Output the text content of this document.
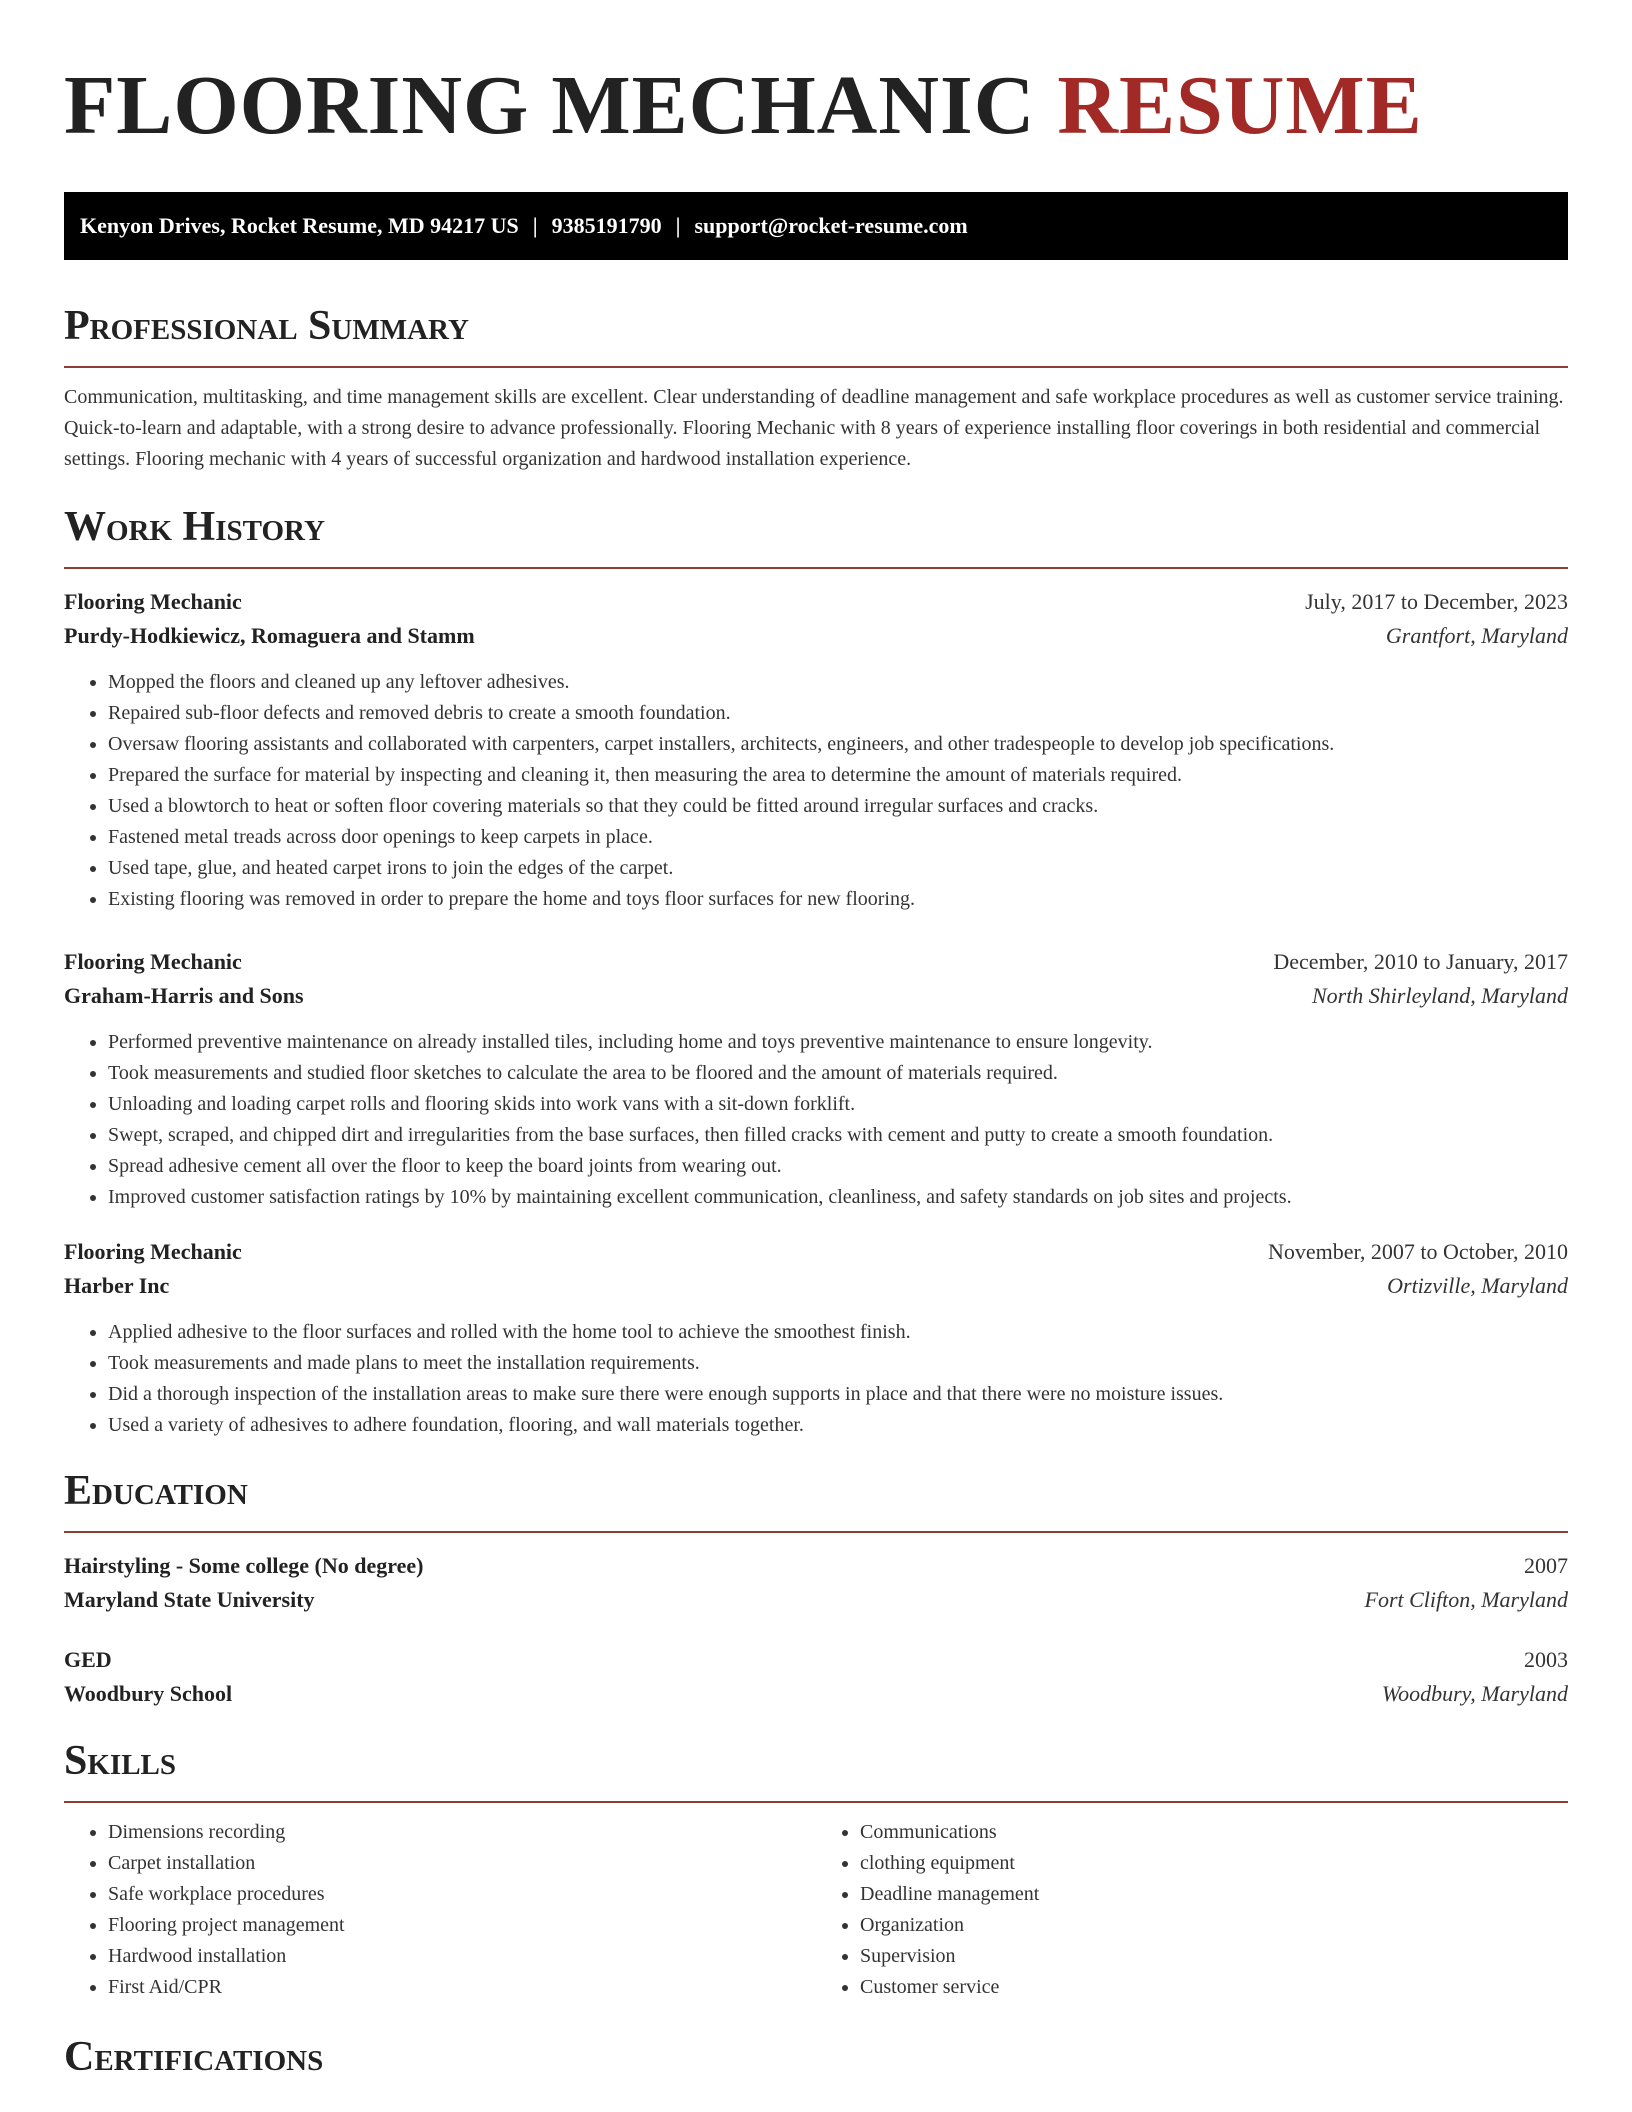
FLOORING MECHANIC RESUME
Kenyon Drives, Rocket Resume, MD 94217 US | 9385191790 | support@rocket-resume.com
Professional Summary

Communication, multitasking, and time management skills are excellent. Clear understanding of deadline management and safe workplace procedures as well as customer service training. Quick-to-learn and adaptable, with a strong desire to advance professionally. Flooring Mechanic with 8 years of experience installing floor coverings in both residential and commercial settings. Flooring mechanic with 4 years of successful organization and hardwood installation experience.

Work History
Flooring Mechanic	July, 2017 to December, 2023
Purdy-Hodkiewicz, Romaguera and Stamm	Grantfort, Maryland
• Mopped the floors and cleaned up any leftover adhesives.
• Repaired sub-floor defects and removed debris to create a smooth foundation.
• Oversaw flooring assistants and collaborated with carpenters, carpet installers, architects, engineers, and other tradespeople to develop job specifications.
• Prepared the surface for material by inspecting and cleaning it, then measuring the area to determine the amount of materials required.
• Used a blowtorch to heat or soften floor covering materials so that they could be fitted around irregular surfaces and cracks.
• Fastened metal treads across door openings to keep carpets in place.
• Used tape, glue, and heated carpet irons to join the edges of the carpet.
• Existing flooring was removed in order to prepare the home and toys floor surfaces for new flooring.
Flooring Mechanic	December, 2010 to January, 2017
Graham-Harris and Sons	North Shirleyland, Maryland
• Performed preventive maintenance on already installed tiles, including home and toys preventive maintenance to ensure longevity.
• Took measurements and studied floor sketches to calculate the area to be floored and the amount of materials required.
• Unloading and loading carpet rolls and flooring skids into work vans with a sit-down forklift.
• Swept, scraped, and chipped dirt and irregularities from the base surfaces, then filled cracks with cement and putty to create a smooth foundation.
• Spread adhesive cement all over the floor to keep the board joints from wearing out.
• Improved customer satisfaction ratings by 10% by maintaining excellent communication, cleanliness, and safety standards on job sites and projects.
Flooring Mechanic	November, 2007 to October, 2010
Harber Inc	Ortizville, Maryland
• Applied adhesive to the floor surfaces and rolled with the home tool to achieve the smoothest finish.
• Took measurements and made plans to meet the installation requirements.
• Did a thorough inspection of the installation areas to make sure there were enough supports in place and that there were no moisture issues.
• Used a variety of adhesives to adhere foundation, flooring, and wall materials together.
Education
Hairstyling - Some college (No degree)	2007
Maryland State University	Fort Clifton, Maryland
GED	2003
Woodbury School	Woodbury, Maryland
Skills
• Dimensions recording
• Carpet installation
• Safe workplace procedures
• Flooring project management
• Hardwood installation
• First Aid/CPR
• Communications
• clothing equipment
• Deadline management
• Organization
• Supervision
• Customer service
Certifications
